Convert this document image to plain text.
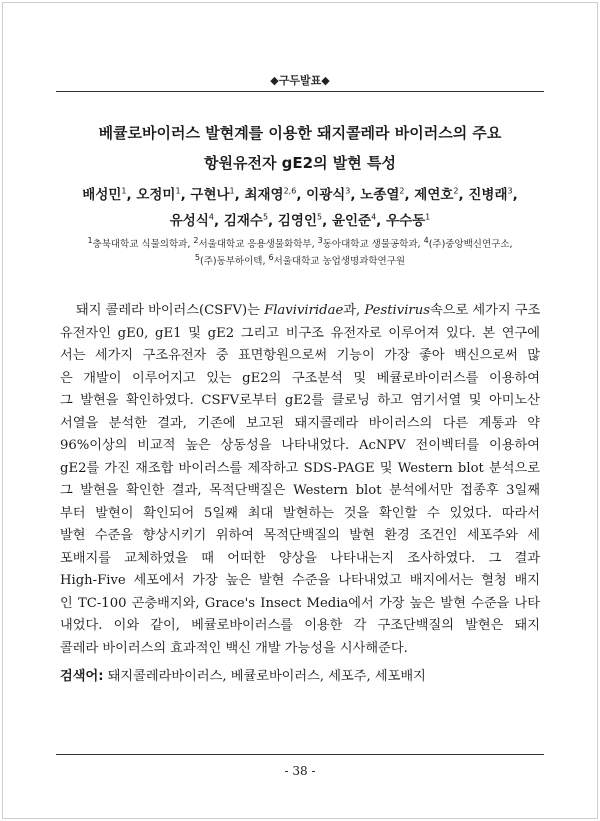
◆구두발표◆
베큘로바이러스 발현계를 이용한 돼지콜레라 바이러스의 주요
항원유전자 gE2의 발현 특성
배성민$^1$, 오정미$^1$, 구현나$^1$, 최재영$^{2,6}$, 이광식$^3$, 노종열$^2$, 제연호$^2$, 진병래$^3$,
유성식$^4$, 김재수$^5$, 김영인$^5$, 윤인준$^4$, 우수동$^1$
$^1$충북대학교 식물의학과, $^2$서울대학교 응용생물화학부, $^3$동아대학교 생물공학과, $^4$(주)중앙백신연구소,
$^5$(주)동부하이텍, $^6$서울대학교 농업생명과학연구원
돼지 콜레라 바이러스(CSFV)는 Flaviviridae과, Pestivirus속으로 세가지 구조
유전자인 gE0, gE1 및 gE2 그리고 비구조 유전자로 이루어져 있다. 본 연구에
서는 세가지 구조유전자 중 표면항원으로써 기능이 가장 좋아 백신으로써 많
은 개발이 이루어지고 있는 gE2의 구조분석 및 베큘로바이러스를 이용하여
그 발현을 확인하였다. CSFV로부터 gE2를 클로닝 하고 염기서열 및 아미노산
서열을 분석한 결과, 기존에 보고된 돼지콜레라 바이러스의 다른 계통과 약
96%이상의 비교적 높은 상동성을 나타내었다. AcNPV 전이벡터를 이용하여
gE2를 가진 재조합 바이러스를 제작하고 SDS-PAGE 및 Western blot 분석으로
그 발현을 확인한 결과, 목적단백질은 Western blot 분석에서만 접종후 3일째
부터 발현이 확인되어 5일째 최대 발현하는 것을 확인할 수 있었다. 따라서
발현 수준을 향상시키기 위하여 목적단백질의 발현 환경 조건인 세포주와 세
포배지를 교체하였을 때 어떠한 양상을 나타내는지 조사하였다. 그 결과
High-Five 세포에서 가장 높은 발현 수준을 나타내었고 배지에서는 혈청 배지
인 TC-100 곤충배지와, Grace's Insect Media에서 가장 높은 발현 수준을 나타
내었다. 이와 같이, 베큘로바이러스를 이용한 각 구조단백질의 발현은 돼지
콜레라 바이러스의 효과적인 백신 개발 가능성을 시사해준다.
검색어: 돼지콜레라바이러스, 베큘로바이러스, 세포주, 세포배지
- 38 -
